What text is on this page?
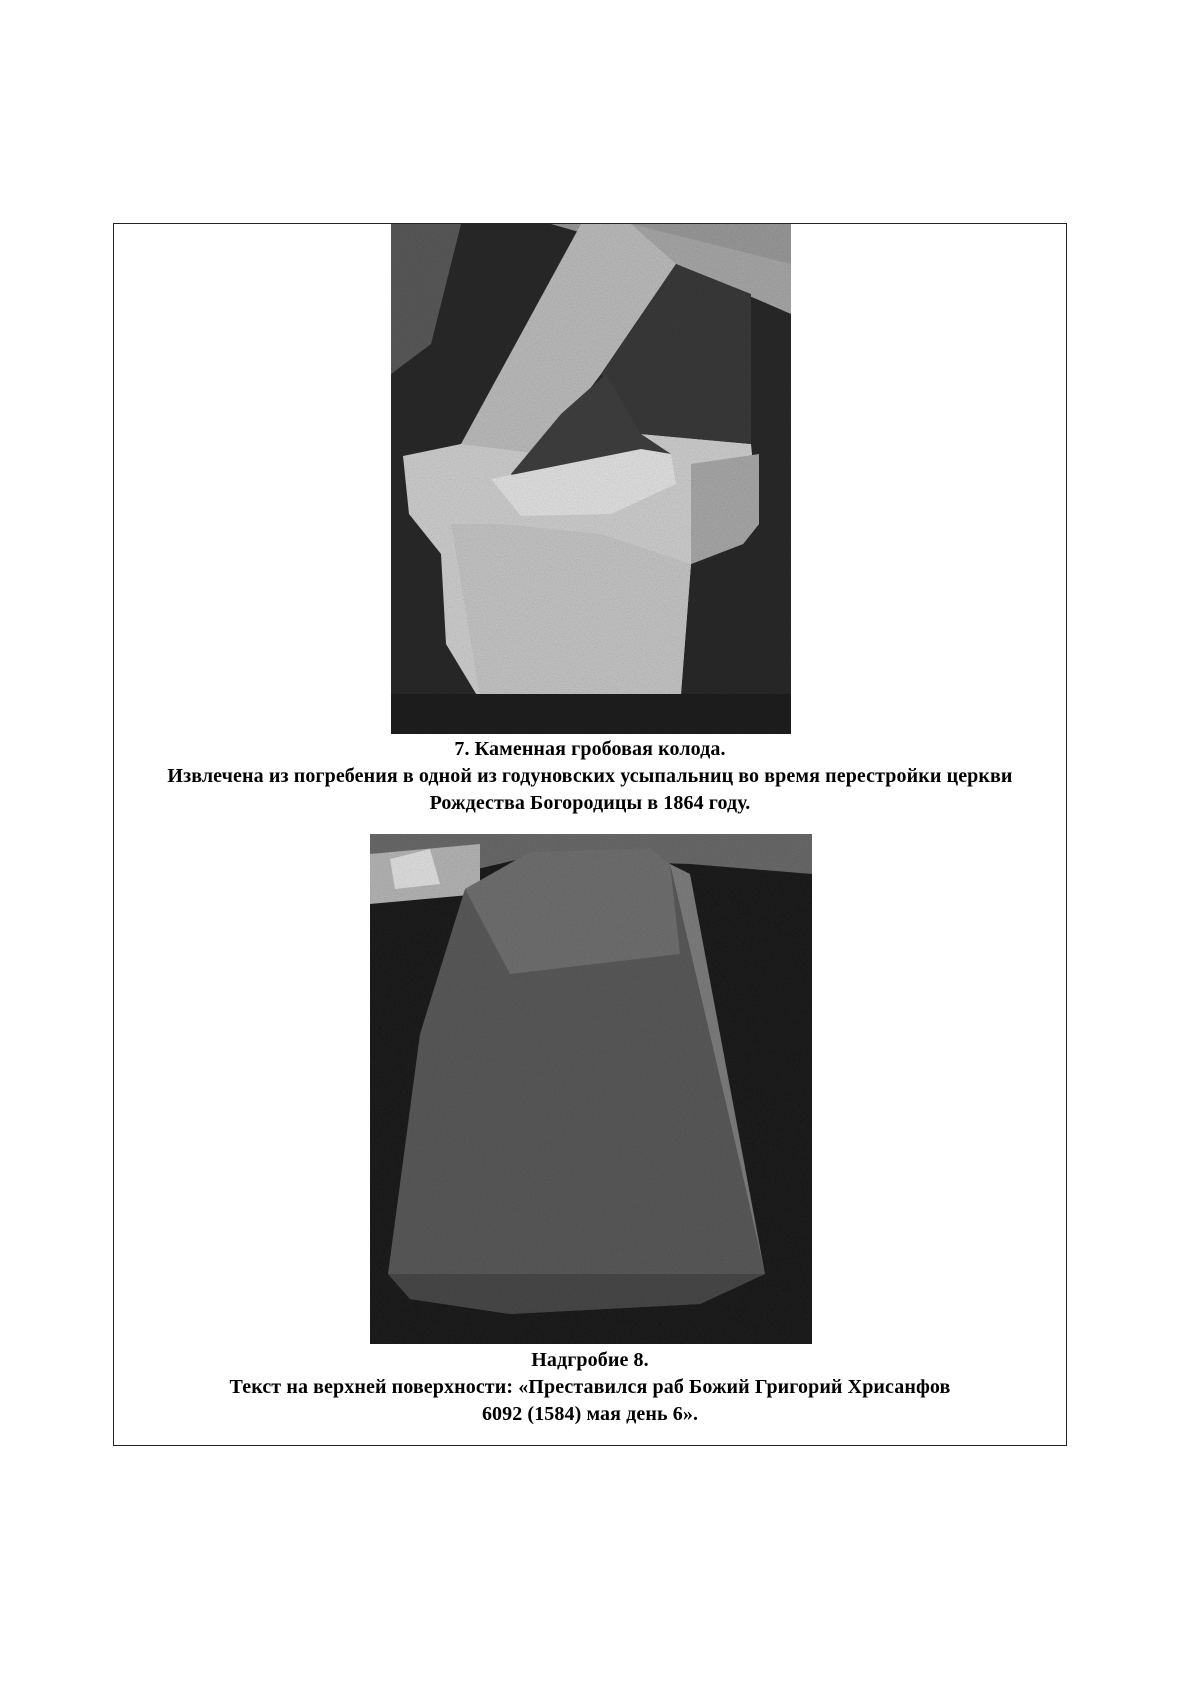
7. Каменная гробовая колода.
Извлечена из погребения в одной из годуновских усыпальниц во время перестройки церкви
Рождества Богородицы в 1864 году.
Надгробие 8.
Текст на верхней поверхности: «Преставился раб Божий Григорий Хрисанфов
6092 (1584) мая день 6».
